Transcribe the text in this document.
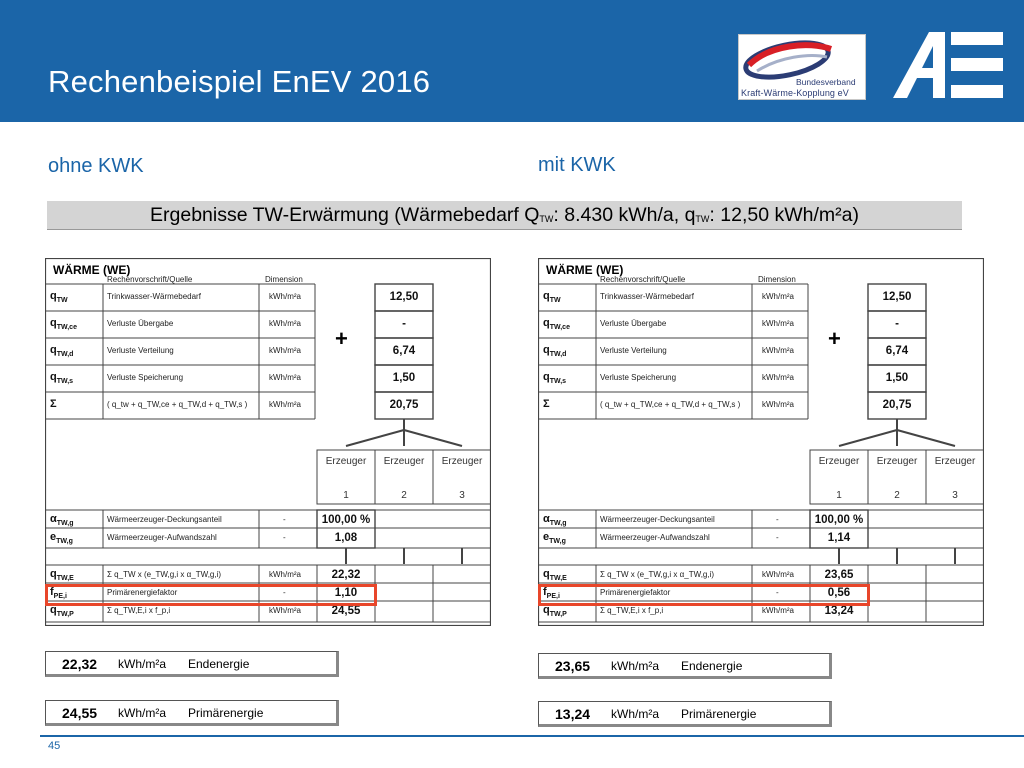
Rechenbeispiel EnEV 2016	Bundesverband
Kraft-Wärme-Kopplung eV
ohne KWK	mit KWK
Ergebnisse TW-Erwärmung (Wärmebedarf $Q_{TW}$: 8.430 kWh/a, $q_{TW}$: 12,50 kWh/m²a)
WÄRME (WE)
Rechenvorschrift/Quelle	Dimension
+
$q_{TW}$	Trinkwasser-Wärmebedarf	kWh/m²a	12,50
$q_{TW,ce}$	Verluste Übergabe	kWh/m²a	-
$q_{TW,d}$	Verluste Verteilung	kWh/m²a	6,74
$q_{TW,s}$	Verluste Speicherung	kWh/m²a	1,50
Σ	( q_tw + q_TW,ce + q_TW,d + q_TW,s )	kWh/m²a	20,75
Erzeuger
1
Erzeuger
2
Erzeuger
3
$\alpha_{TW,g}$	Wärmeerzeuger-Deckungsanteil	-	100,00 %
$e_{TW,g}$	Wärmeerzeuger-Aufwandszahl	-	1,08
$q_{TW,E}$	Σ q_TW x (e_TW,g,i x α_TW,g,i)	kWh/m²a	22,32
$f_{PE,i}$	Primärenergiefaktor	-	1,10
$q_{TW,P}$	Σ q_TW,E,i x f_p,i	kWh/m²a	24,55
WÄRME (WE)
Rechenvorschrift/Quelle	Dimension
+
$q_{TW}$	Trinkwasser-Wärmebedarf	kWh/m²a	12,50
$q_{TW,ce}$	Verluste Übergabe	kWh/m²a	-
$q_{TW,d}$	Verluste Verteilung	kWh/m²a	6,74
$q_{TW,s}$	Verluste Speicherung	kWh/m²a	1,50
Σ	( q_tw + q_TW,ce + q_TW,d + q_TW,s )	kWh/m²a	20,75
Erzeuger
1
Erzeuger
2
Erzeuger
3
$\alpha_{TW,g}$	Wärmeerzeuger-Deckungsanteil	-	100,00 %
$e_{TW,g}$	Wärmeerzeuger-Aufwandszahl	-	1,14
$q_{TW,E}$	Σ q_TW x (e_TW,g,i x α_TW,g,i)	kWh/m²a	23,65
$f_{PE,i}$	Primärenergiefaktor	-	0,56
$q_{TW,P}$	Σ q_TW,E,i x f_p,i	kWh/m²a	13,24
22,32 kWh/m²a Endenergie
24,55 kWh/m²a Primärenergie
23,65 kWh/m²a Endenergie
13,24 kWh/m²a Primärenergie
45
